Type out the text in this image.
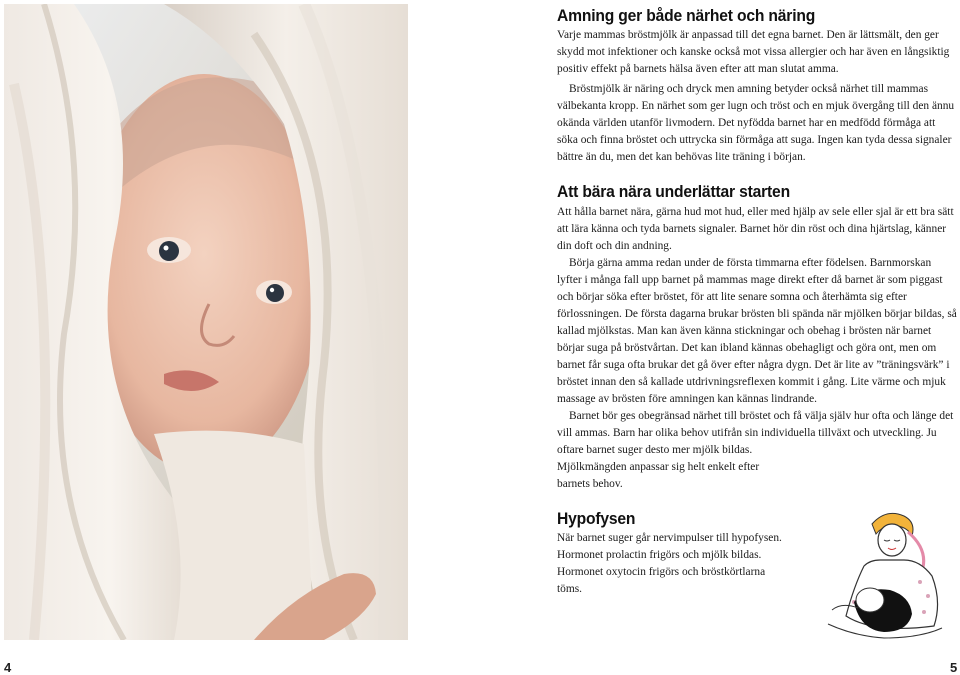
4	5
Amning ger både närhet och näring

Varje mammas bröstmjölk är anpassad till det egna barnet. Den är lättsmält, den ger skydd mot infektioner och kanske också mot vissa allergier och har även en långsiktig positiv effekt på barnets hälsa även efter att man slutat amma.

Bröstmjölk är näring och dryck men amning betyder också närhet till mammas välbekanta kropp. En närhet som ger lugn och tröst och en mjuk övergång till den ännu okända världen utanför livmodern. Det nyfödda barnet har en medfödd förmåga att söka och finna bröstet och uttrycka sin förmåga att suga. Ingen kan tyda dessa signaler bättre än du, men det kan behövas lite träning i början.

Att bära nära underlättar starten

Att hålla barnet nära, gärna hud mot hud, eller med hjälp av sele eller sjal är ett bra sätt att lära känna och tyda barnets signaler. Barnet hör din röst och dina hjärtslag, känner din doft och din andning.

Börja gärna amma redan under de första timmarna efter födelsen. Barnmorskan lyfter i många fall upp barnet på mammas mage direkt efter då barnet är som piggast och börjar söka efter bröstet, för att lite senare somna och återhämta sig efter förlossningen. De första dagarna brukar brösten bli spända när mjölken börjar bildas, så kallad mjölkstas. Man kan även känna stickningar och obehag i brösten när barnet börjar suga på bröstvårtan. Det kan ibland kännas obehagligt och göra ont, men om barnet får suga ofta brukar det gå över efter några dygn. Det är lite av ”träningsvärk” i bröstet innan den så kallade utdrivningsreflexen kommit i gång. Lite värme och mjuk massage av brösten före amningen kan kännas lindrande.

Barnet bör ges obegränsad närhet till bröstet och få välja själv hur ofta och länge det vill ammas. Barn har olika behov utifrån sin individuella tillväxt och utveckling. Ju oftare barnet suger desto mer mjölk bildas.

Mjölkmängden anpassar sig helt enkelt efter barnets behov.

Hypofysen

När barnet suger går nervimpulser till hypofysen. Hormonet prolactin frigörs och mjölk bildas. Hormonet oxytocin frigörs och bröstkörtlarna töms.
